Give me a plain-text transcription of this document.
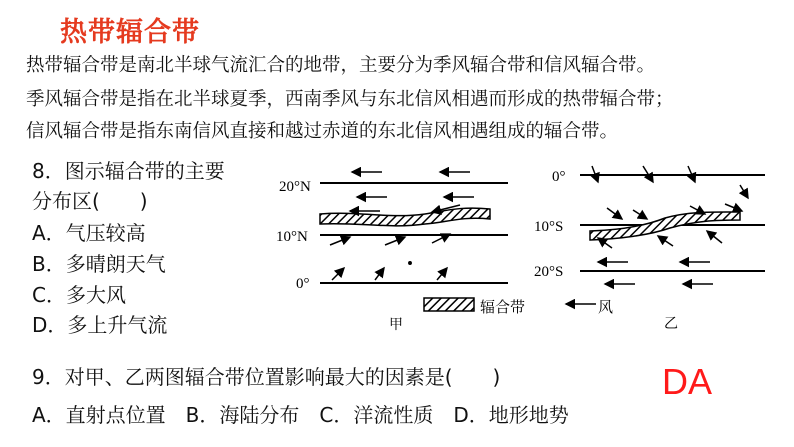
热带辐合带
热带辐合带是南北半球气流汇合的地带，主要分为季风辐合带和信风辐合带。
季风辐合带是指在北半球夏季，西南季风与东北信风相遇而形成的热带辐合带；
信风辐合带是指东南信风直接和越过赤道的东北信风相遇组成的辐合带。
8．图示辐合带的主要
分布区(　　)
A．气压较高
B．多晴朗天气
C．多大风
D．多上升气流
20°N
10°N
0°
甲
辐合带	风
0°
10°S
20°S
乙
9．对甲、乙两图辐合带位置影响最大的因素是(　　)
A．直射点位置　B．海陆分布　C．洋流性质　D．地形地势
DA
